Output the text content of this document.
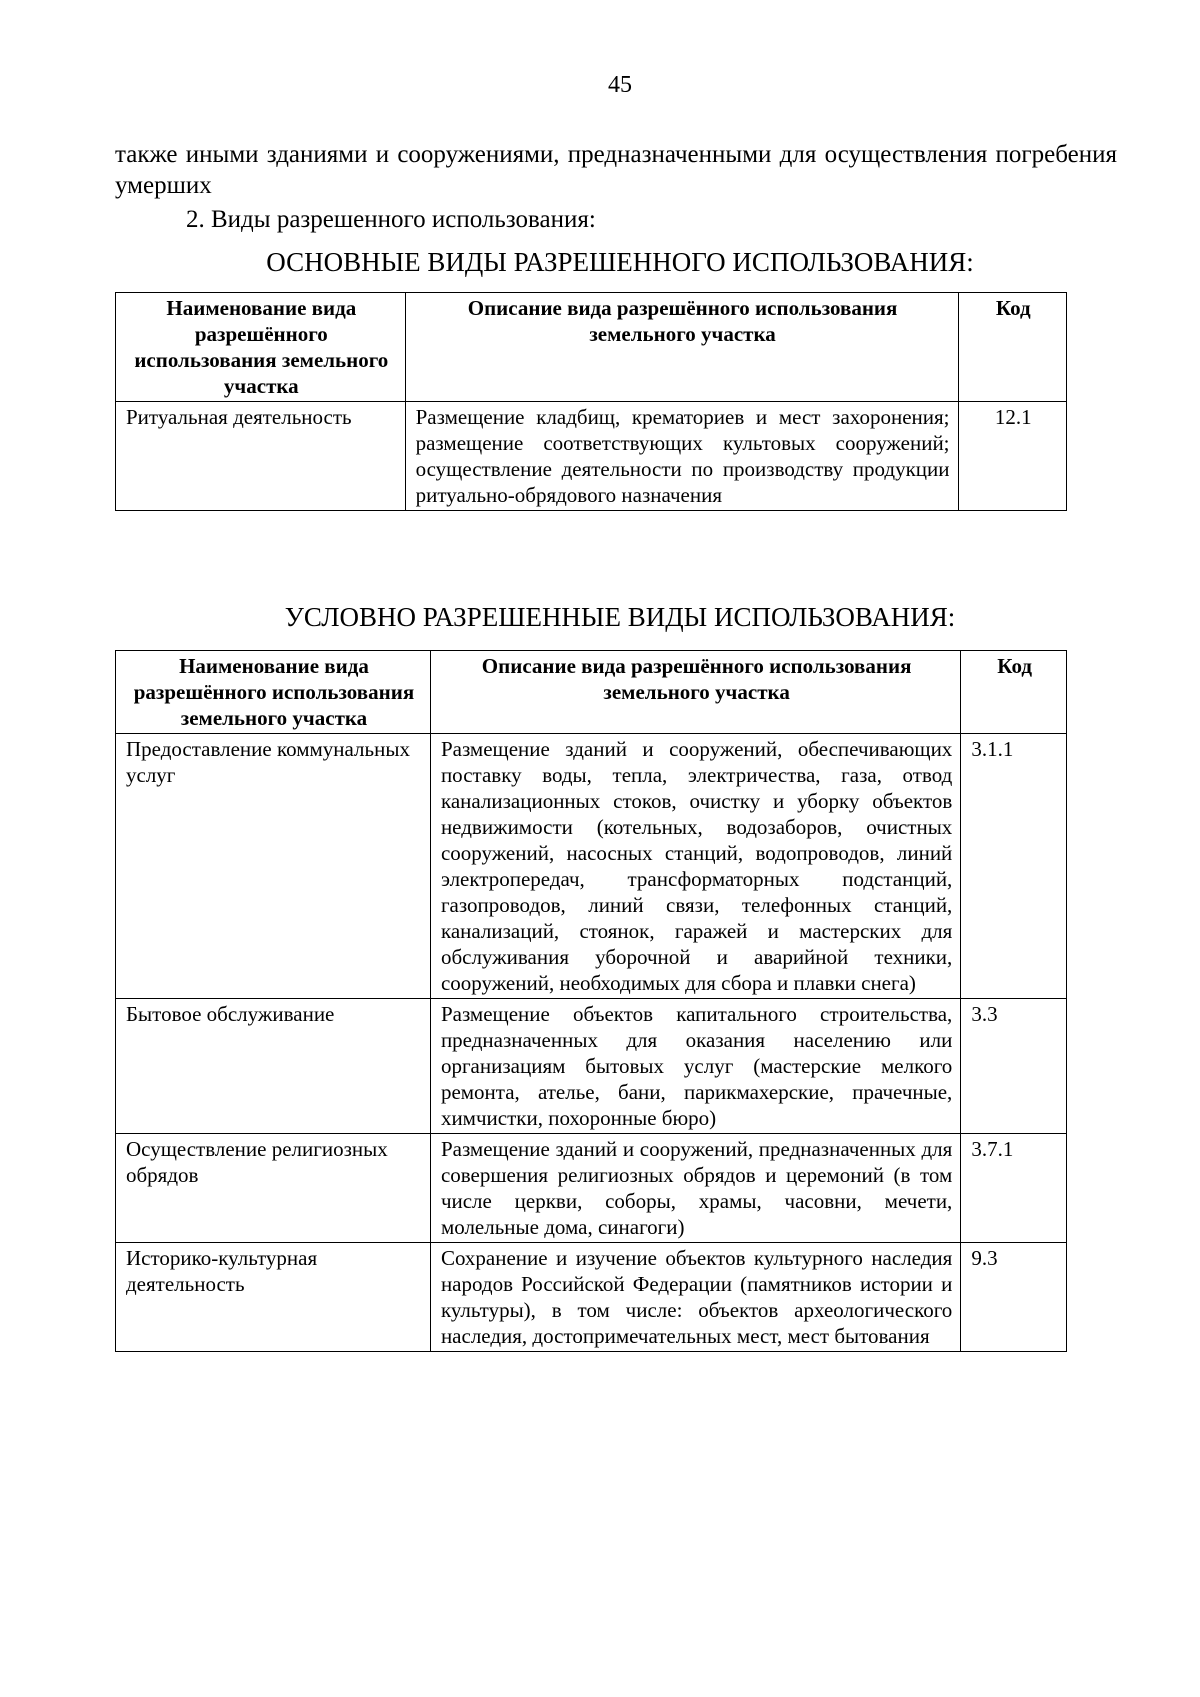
45
также иными зданиями и сооружениями, предназначенными для осуществления погребения умерших
2. Виды разрешенного использования:
ОСНОВНЫЕ ВИДЫ РАЗРЕШЕННОГО ИСПОЛЬЗОВАНИЯ:
Наименование вида разрешённого использования земельного участка	Описание вида разрешённого использования земельного участка	Код
Ритуальная деятельность	Размещение кладбищ, крематориев и мест захоронения; размещение соответствующих культовых сооружений; осуществление деятельности по производству продукции ритуально-обрядового назначения	12.1
УСЛОВНО РАЗРЕШЕННЫЕ ВИДЫ ИСПОЛЬЗОВАНИЯ:
Наименование вида разрешённого использования земельного участка	Описание вида разрешённого использования земельного участка	Код
Предоставление коммунальных услуг	Размещение зданий и сооружений, обеспечивающих поставку воды, тепла, электричества, газа, отвод канализационных стоков, очистку и уборку объектов недвижимости (котельных, водозаборов, очистных сооружений, насосных станций, водопроводов, линий электропередач, трансформаторных подстанций, газопроводов, линий связи, телефонных станций, канализаций, стоянок, гаражей и мастерских для обслуживания уборочной и аварийной техники, сооружений, необходимых для сбора и плавки снега)	3.1.1
Бытовое обслуживание	Размещение объектов капитального строительства, предназначенных для оказания населению или организациям бытовых услуг (мастерские мелкого ремонта, ателье, бани, парикмахерские, прачечные, химчистки, похоронные бюро)	3.3
Осуществление религиозных обрядов	Размещение зданий и сооружений, предназначенных для совершения религиозных обрядов и церемоний (в том числе церкви, соборы, храмы, часовни, мечети, молельные дома, синагоги)	3.7.1
Историко-культурная деятельность	Сохранение и изучение объектов культурного наследия народов Российской Федерации (памятников истории и культуры), в том числе: объектов археологического наследия, достопримечательных мест, мест бытования	9.3
